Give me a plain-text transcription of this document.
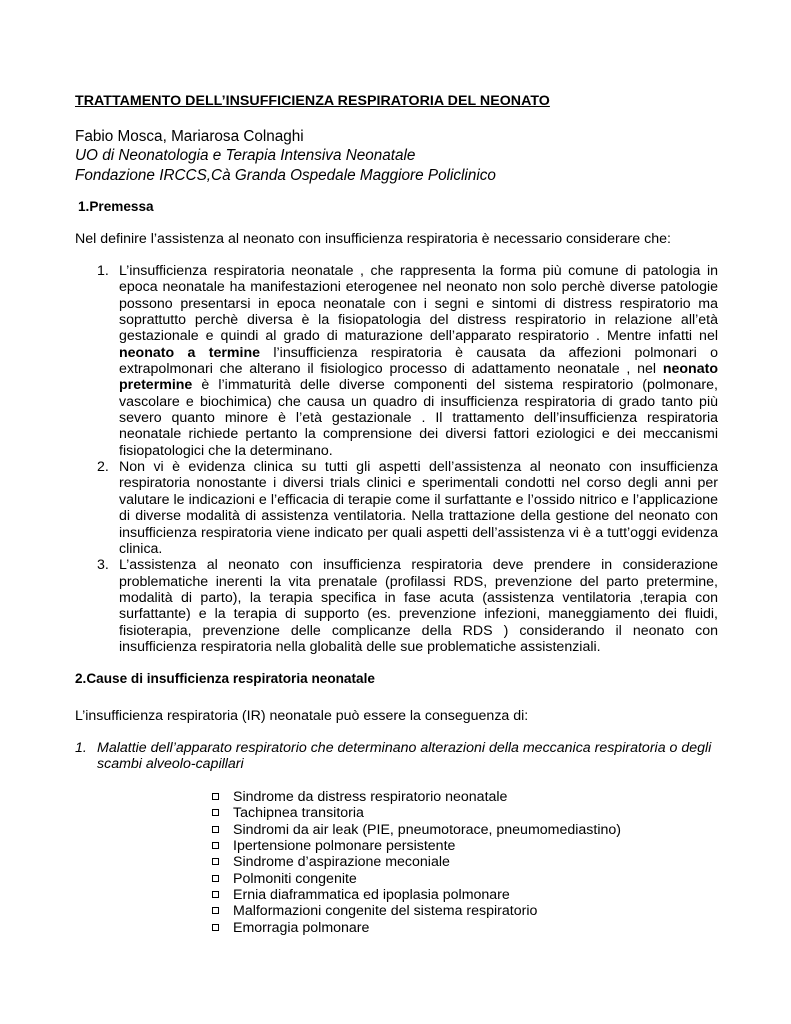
TRATTAMENTO DELL’INSUFFICIENZA RESPIRATORIA DEL NEONATO
Fabio Mosca, Mariarosa Colnaghi
UO di Neonatologia e Terapia Intensiva Neonatale
Fondazione IRCCS,Cà Granda Ospedale Maggiore Policlinico
1.Premessa
Nel definire l’assistenza al neonato con insufficienza respiratoria è necessario considerare che:
1. L’insufficienza respiratoria neonatale , che rappresenta la forma più comune di patologia in epoca neonatale ha manifestazioni eterogenee nel neonato non solo perchè diverse patologie possono presentarsi in epoca neonatale con i segni e sintomi di distress respiratorio ma soprattutto perchè diversa è la fisiopatologia del distress respiratorio in relazione all’età gestazionale e quindi al grado di maturazione dell’apparato respiratorio . Mentre infatti nel neonato a termine l’insufficienza respiratoria è causata da affezioni polmonari o extrapolmonari che alterano il fisiologico processo di adattamento neonatale , nel neonato pretermine è l’immaturità delle diverse componenti del sistema respiratorio (polmonare, vascolare e biochimica) che causa un quadro di insufficienza respiratoria di grado tanto più severo quanto minore è l’età gestazionale . Il trattamento dell’insufficienza respiratoria neonatale richiede pertanto la comprensione dei diversi fattori eziologici e dei meccanismi fisiopatologici che la determinano.
2. Non vi è evidenza clinica su tutti gli aspetti dell’assistenza al neonato con insufficienza respiratoria nonostante i diversi trials clinici e sperimentali condotti nel corso degli anni per valutare le indicazioni e l’efficacia di terapie come il surfattante e l’ossido nitrico e l’applicazione di diverse modalità di assistenza ventilatoria. Nella trattazione della gestione del neonato con insufficienza respiratoria viene indicato per quali aspetti dell’assistenza vi è a tutt’oggi evidenza clinica.
3. L’assistenza al neonato con insufficienza respiratoria deve prendere in considerazione problematiche inerenti la vita prenatale (profilassi RDS, prevenzione del parto pretermine, modalità di parto), la terapia specifica in fase acuta (assistenza ventilatoria ,terapia con surfattante) e la terapia di supporto (es. prevenzione infezioni, maneggiamento dei fluidi, fisioterapia, prevenzione delle complicanze della RDS ) considerando il neonato con insufficienza respiratoria nella globalità delle sue problematiche assistenziali.
2.Cause di insufficienza respiratoria neonatale
L’insufficienza respiratoria (IR) neonatale può essere la conseguenza di:
1. Malattie dell’apparato respiratorio che determinano alterazioni della meccanica respiratoria o degli scambi alveolo-capillari
Sindrome da distress respiratorio neonatale
Tachipnea transitoria
Sindromi da air leak (PIE, pneumotorace, pneumomediastino)
Ipertensione polmonare persistente
Sindrome d’aspirazione meconiale
Polmoniti congenite
Ernia diaframmatica ed ipoplasia polmonare
Malformazioni congenite del sistema respiratorio
Emorragia polmonare
